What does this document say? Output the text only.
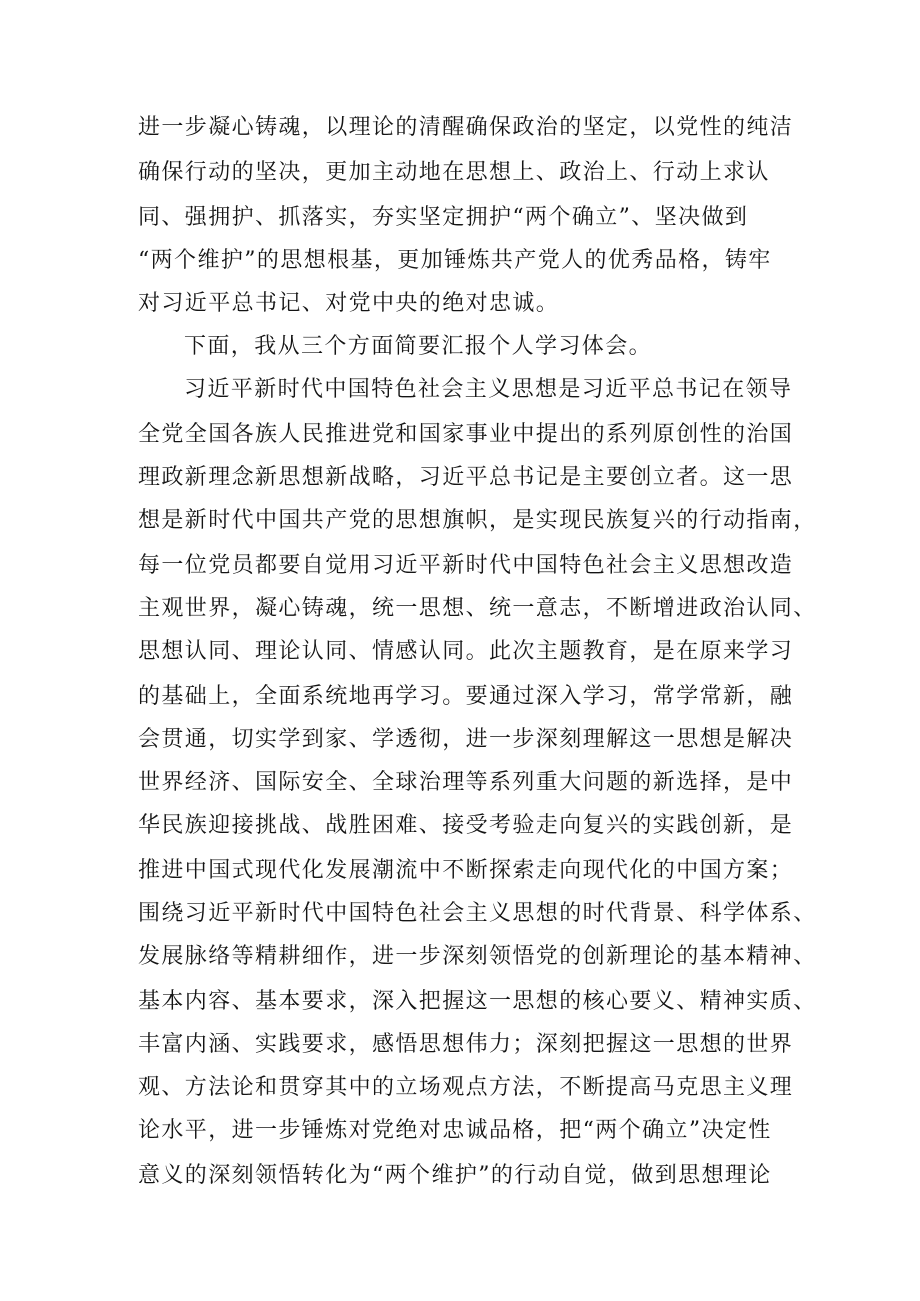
进一步凝心铸魂，以理论的清醒确保政治的坚定，以党性的纯洁
确保行动的坚决，更加主动地在思想上、政治上、行动上求认
同、强拥护、抓落实，夯实坚定拥护“两个确立”、坚决做到
“两个维护”的思想根基，更加锤炼共产党人的优秀品格，铸牢
对习近平总书记、对党中央的绝对忠诚。
下面，我从三个方面简要汇报个人学习体会。
习近平新时代中国特色社会主义思想是习近平总书记在领导
全党全国各族人民推进党和国家事业中提出的系列原创性的治国
理政新理念新思想新战略，习近平总书记是主要创立者。这一思
想是新时代中国共产党的思想旗帜，是实现民族复兴的行动指南，
每一位党员都要自觉用习近平新时代中国特色社会主义思想改造
主观世界，凝心铸魂，统一思想、统一意志，不断增进政治认同、
思想认同、理论认同、情感认同。此次主题教育，是在原来学习
的基础上，全面系统地再学习。要通过深入学习，常学常新，融
会贯通，切实学到家、学透彻，进一步深刻理解这一思想是解决
世界经济、国际安全、全球治理等系列重大问题的新选择，是中
华民族迎接挑战、战胜困难、接受考验走向复兴的实践创新，是
推进中国式现代化发展潮流中不断探索走向现代化的中国方案；
围绕习近平新时代中国特色社会主义思想的时代背景、科学体系、
发展脉络等精耕细作，进一步深刻领悟党的创新理论的基本精神、
基本内容、基本要求，深入把握这一思想的核心要义、精神实质、
丰富内涵、实践要求，感悟思想伟力；深刻把握这一思想的世界
观、方法论和贯穿其中的立场观点方法，不断提高马克思主义理
论水平，进一步锤炼对党绝对忠诚品格，把“两个确立”决定性
意义的深刻领悟转化为“两个维护”的行动自觉，做到思想理论
